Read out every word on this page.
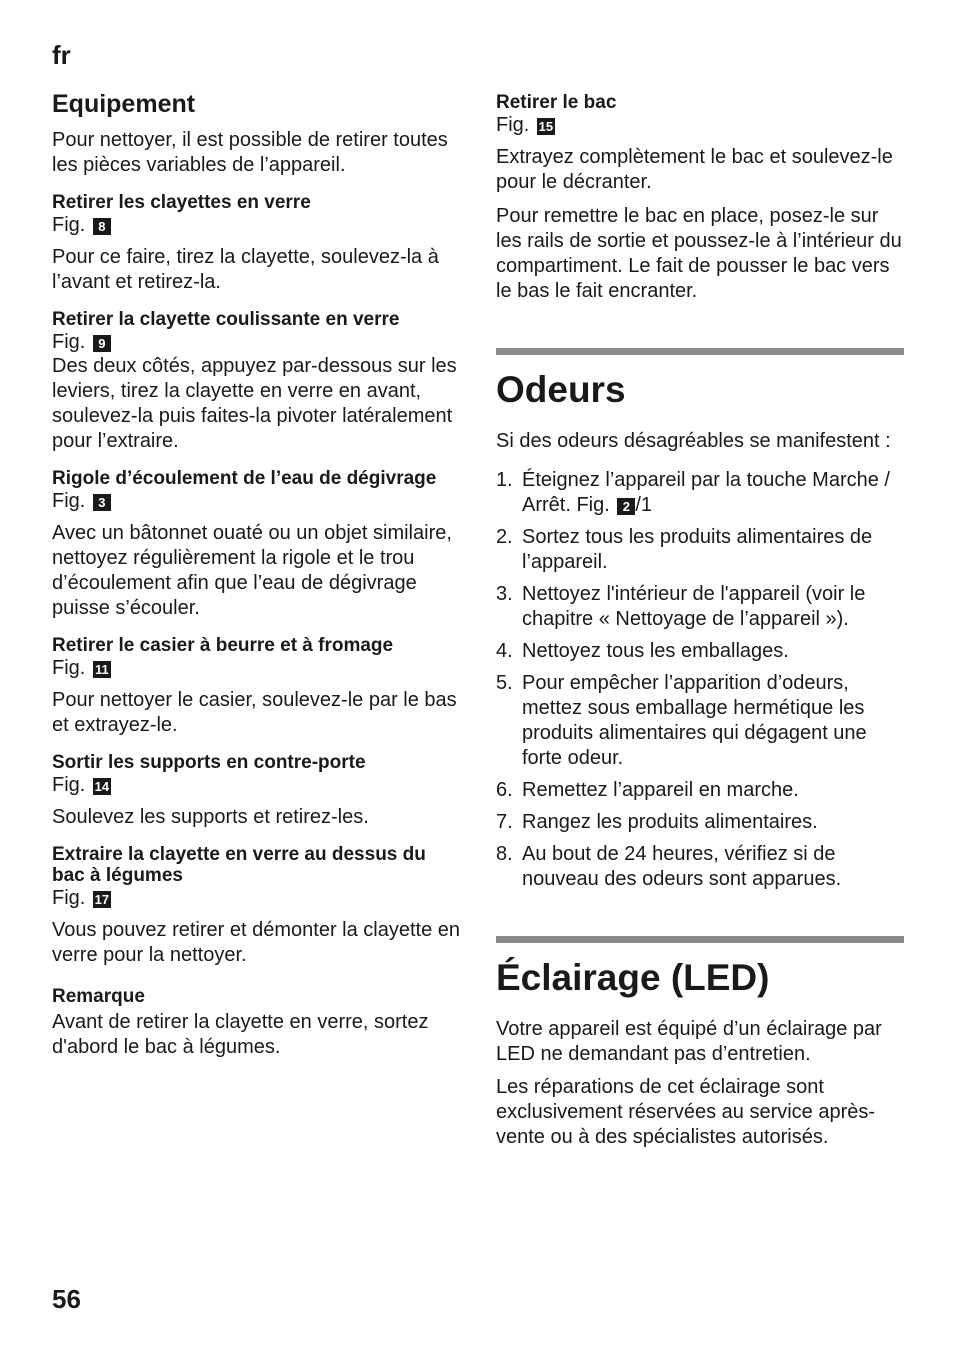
fr
Equipement

Pour nettoyer, il est possible de retirer toutes les pièces variables de l’appareil.

Retirer les clayettes en verre
Fig. 8

Pour ce faire, tirez la clayette, soulevez-la à l’avant et retirez-la.

Retirer la clayette coulissante en verre
Fig. 9

Des deux côtés, appuyez par-dessous sur les leviers, tirez la clayette en verre en avant, soulevez-la puis faites-la pivoter latéralement pour l’extraire.

Rigole d’écoulement de l’eau de dégivrage
Fig. 3

Avec un bâtonnet ouaté ou un objet similaire, nettoyez régulièrement la rigole et le trou d’écoulement afin que l’eau de dégivrage puisse s’écouler.

Retirer le casier à beurre et à fromage
Fig. 11

Pour nettoyer le casier, soulevez-le par le bas et extrayez-le.

Sortir les supports en contre-porte
Fig. 14

Soulevez les supports et retirez-les.

Extraire la clayette en verre au dessus du bac à légumes
Fig. 17

Vous pouvez retirer et démonter la clayette en verre pour la nettoyer.

Remarque

Avant de retirer la clayette en verre, sortez d'abord le bac à légumes.

Retirer le bac
Fig. 15

Extrayez complètement le bac et soulevez-le pour le décranter.

Pour remettre le bac en place, posez-le sur les rails de sortie et poussez-le à l’intérieur du compartiment. Le fait de pousser le bac vers le bas le fait encranter.

Odeurs

Si des odeurs désagréables se manifestent :

1. Éteignez l’appareil par la touche Marche / Arrêt. Fig. 2 /1
2. Sortez tous les produits alimentaires de l’appareil.
3. Nettoyez l'intérieur de l'appareil (voir le chapitre « Nettoyage de l’appareil »).
4. Nettoyez tous les emballages.
5. Pour empêcher l’apparition d’odeurs, mettez sous emballage hermétique les produits alimentaires qui dégagent une forte odeur.
6. Remettez l’appareil en marche.
7. Rangez les produits alimentaires.
8. Au bout de 24 heures, vérifiez si de nouveau des odeurs sont apparues.
Éclairage (LED)

Votre appareil est équipé d’un éclairage par LED ne demandant pas d’entretien.

Les réparations de cet éclairage sont exclusivement réservées au service après-vente ou à des spécialistes autorisés.

56
